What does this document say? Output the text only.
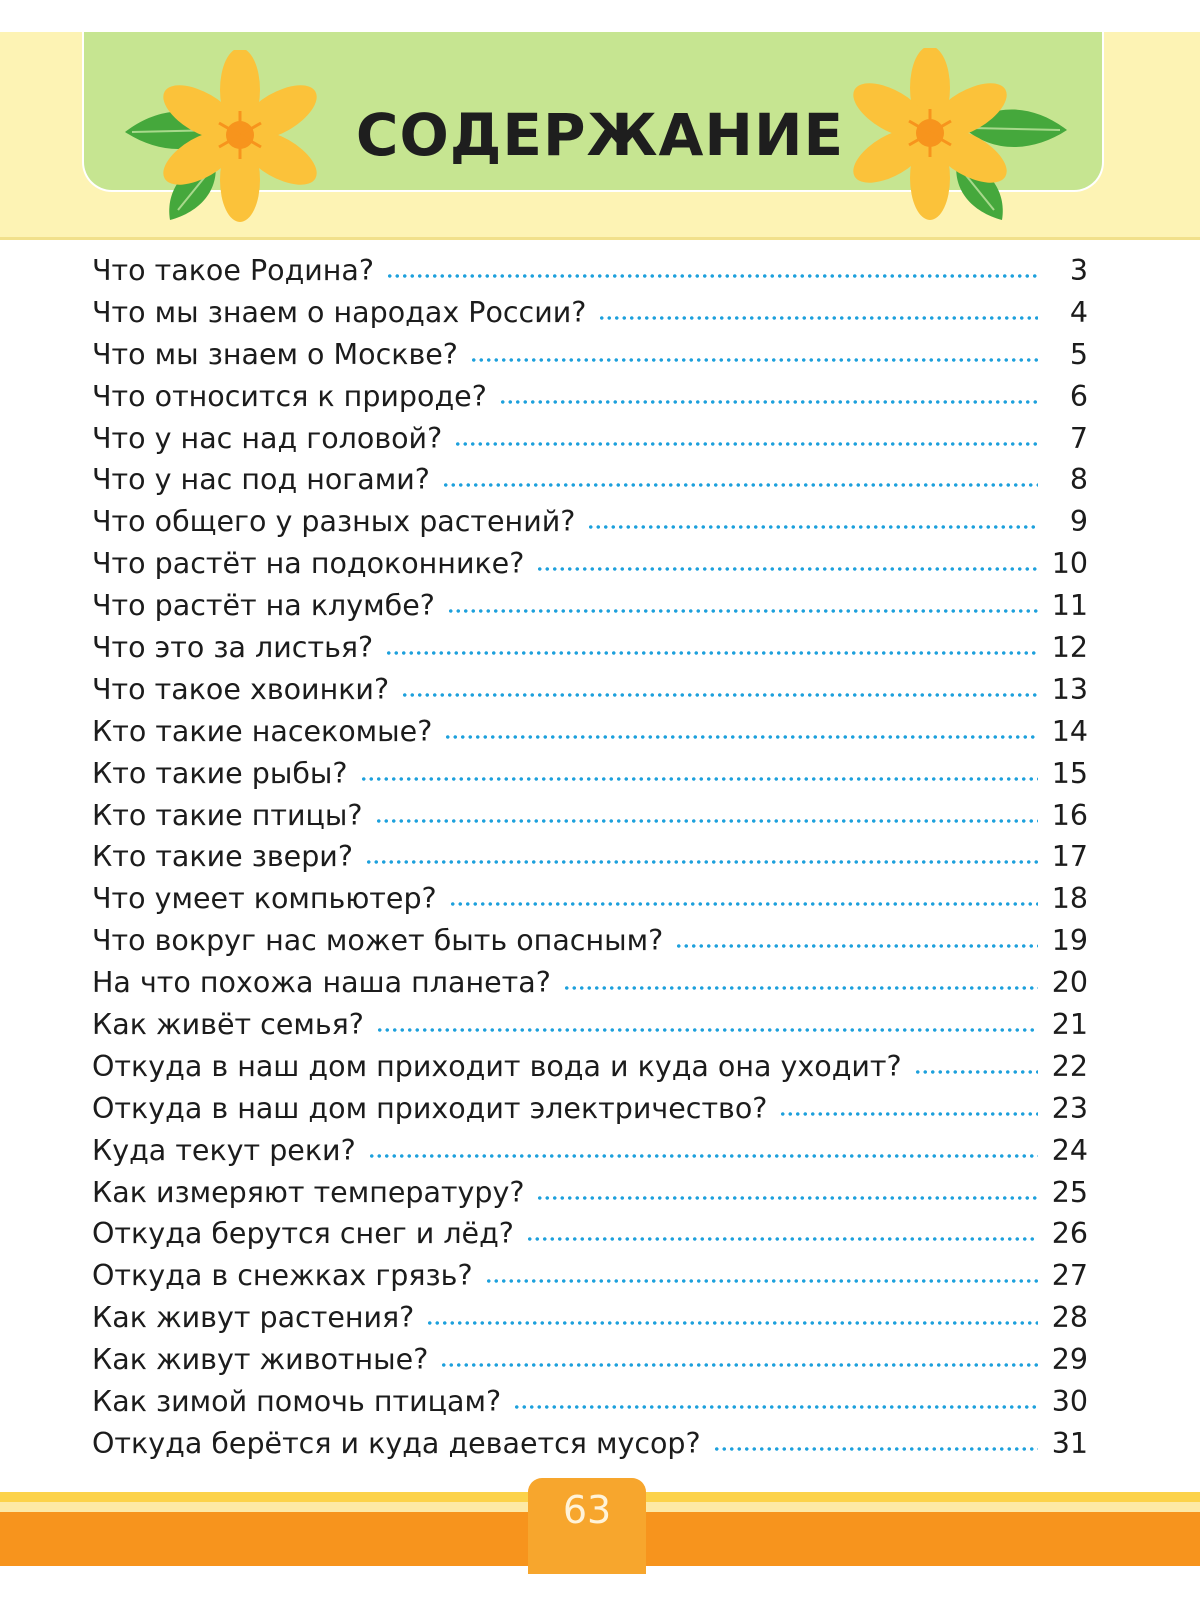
СОДЕРЖАНИЕ
Что такое Родина?	3
Что мы знаем о народах России?	4
Что мы знаем о Москве?	5
Что относится к природе?	6
Что у нас над головой?	7
Что у нас под ногами?	8
Что общего у разных растений?	9
Что растёт на подоконнике?	10
Что растёт на клумбе?	11
Что это за листья?	12
Что такое хвоинки?	13
Кто такие насекомые?	14
Кто такие рыбы?	15
Кто такие птицы?	16
Кто такие звери?	17
Что умеет компьютер?	18
Что вокруг нас может быть опасным?	19
На что похожа наша планета?	20
Как живёт семья?	21
Откуда в наш дом приходит вода и куда она уходит?	22
Откуда в наш дом приходит электричество?	23
Куда текут реки?	24
Как измеряют температуру?	25
Откуда берутся снег и лёд?	26
Откуда в снежках грязь?	27
Как живут растения?	28
Как живут животные?	29
Как зимой помочь птицам?	30
Откуда берётся и куда девается мусор?	31
63
